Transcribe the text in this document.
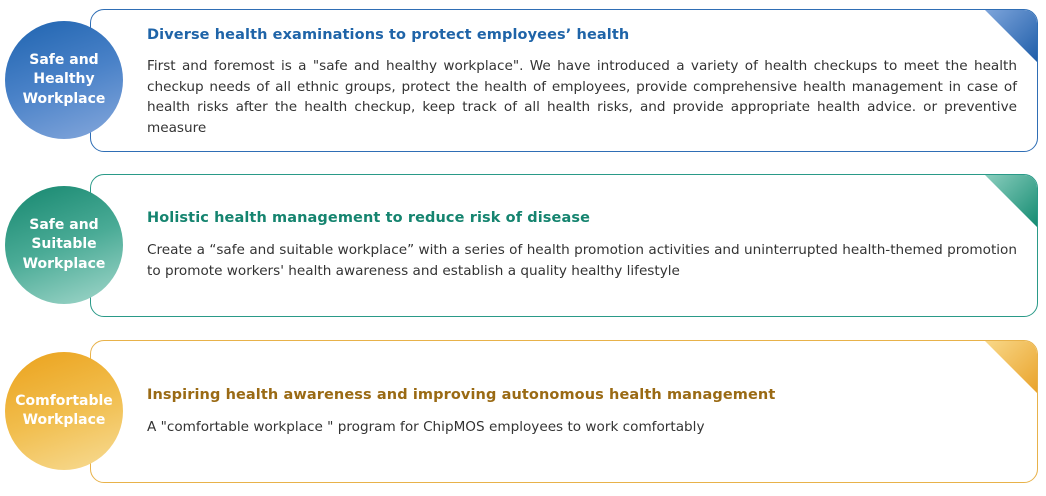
Diverse health examinations to protect employees’ health
First and foremost is a "safe and healthy workplace". We have introduced a variety of health checkups to meet the health checkup needs of all ethnic groups, protect the health of employees, provide comprehensive health management in case of health risks after the health checkup, keep track of all health risks, and provide appropriate health advice. or preventive measure
Safe and
Healthy
Workplace
Holistic health management to reduce risk of disease
Create a “safe and suitable workplace” with a series of health promotion activities and uninterrupted health-themed promotion to promote workers' health awareness and establish a quality healthy lifestyle
Safe and
Suitable
Workplace
Inspiring health awareness and improving autonomous health management
A "comfortable workplace " program for ChipMOS employees to work comfortably
Comfortable
Workplace
